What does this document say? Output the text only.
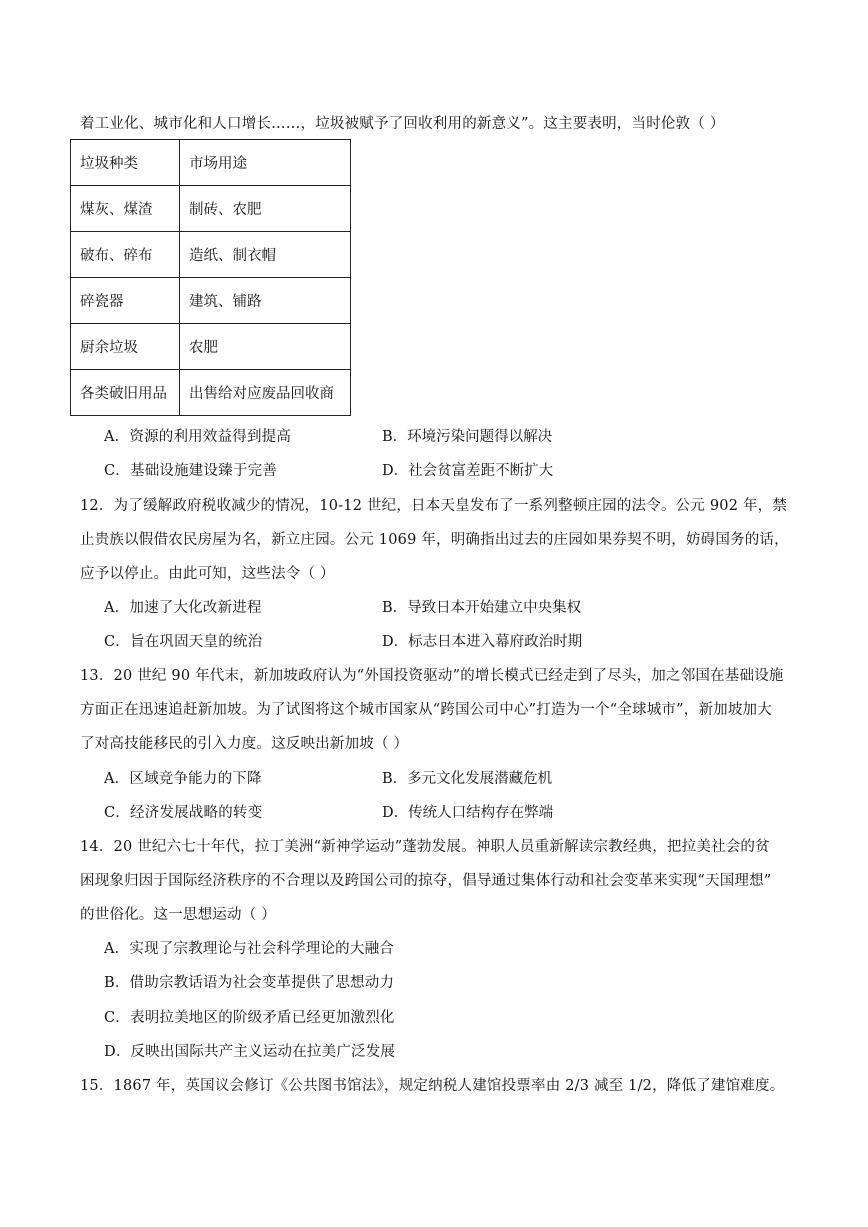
着工业化、城市化和人口增长……，垃圾被赋予了回收利用的新意义”。这主要表明，当时伦敦（ ）
垃圾种类	市场用途
煤灰、煤渣	制砖、农肥
破布、碎布	造纸、制衣帽
碎瓷器	建筑、铺路
厨余垃圾	农肥
各类破旧用品	出售给对应废品回收商
A．资源的利用效益得到提高	B．环境污染问题得以解决
C．基础设施建设臻于完善	D．社会贫富差距不断扩大
12．为了缓解政府税收减少的情况，10-12 世纪，日本天皇发布了一系列整顿庄园的法令。公元 902 年，禁
止贵族以假借农民房屋为名，新立庄园。公元 1069 年，明确指出过去的庄园如果券契不明，妨碍国务的话，
应予以停止。由此可知，这些法令（ ）
A．加速了大化改新进程	B．导致日本开始建立中央集权
C．旨在巩固天皇的统治	D．标志日本进入幕府政治时期
13．20 世纪 90 年代末，新加坡政府认为“外国投资驱动”的增长模式已经走到了尽头，加之邻国在基础设施
方面正在迅速追赶新加坡。为了试图将这个城市国家从“跨国公司中心”打造为一个“全球城市”，新加坡加大
了对高技能移民的引入力度。这反映出新加坡（ ）
A．区域竞争能力的下降	B．多元文化发展潜藏危机
C．经济发展战略的转变	D．传统人口结构存在弊端
14．20 世纪六七十年代，拉丁美洲“新神学运动”蓬勃发展。神职人员重新解读宗教经典，把拉美社会的贫
困现象归因于国际经济秩序的不合理以及跨国公司的掠夺，倡导通过集体行动和社会变革来实现“天国理想”
的世俗化。这一思想运动（ ）
A．实现了宗教理论与社会科学理论的大融合
B．借助宗教话语为社会变革提供了思想动力
C．表明拉美地区的阶级矛盾已经更加激烈化
D．反映出国际共产主义运动在拉美广泛发展
15．1867 年，英国议会修订《公共图书馆法》，规定纳税人建馆投票率由 2/3 减至 1/2，降低了建馆难度。
